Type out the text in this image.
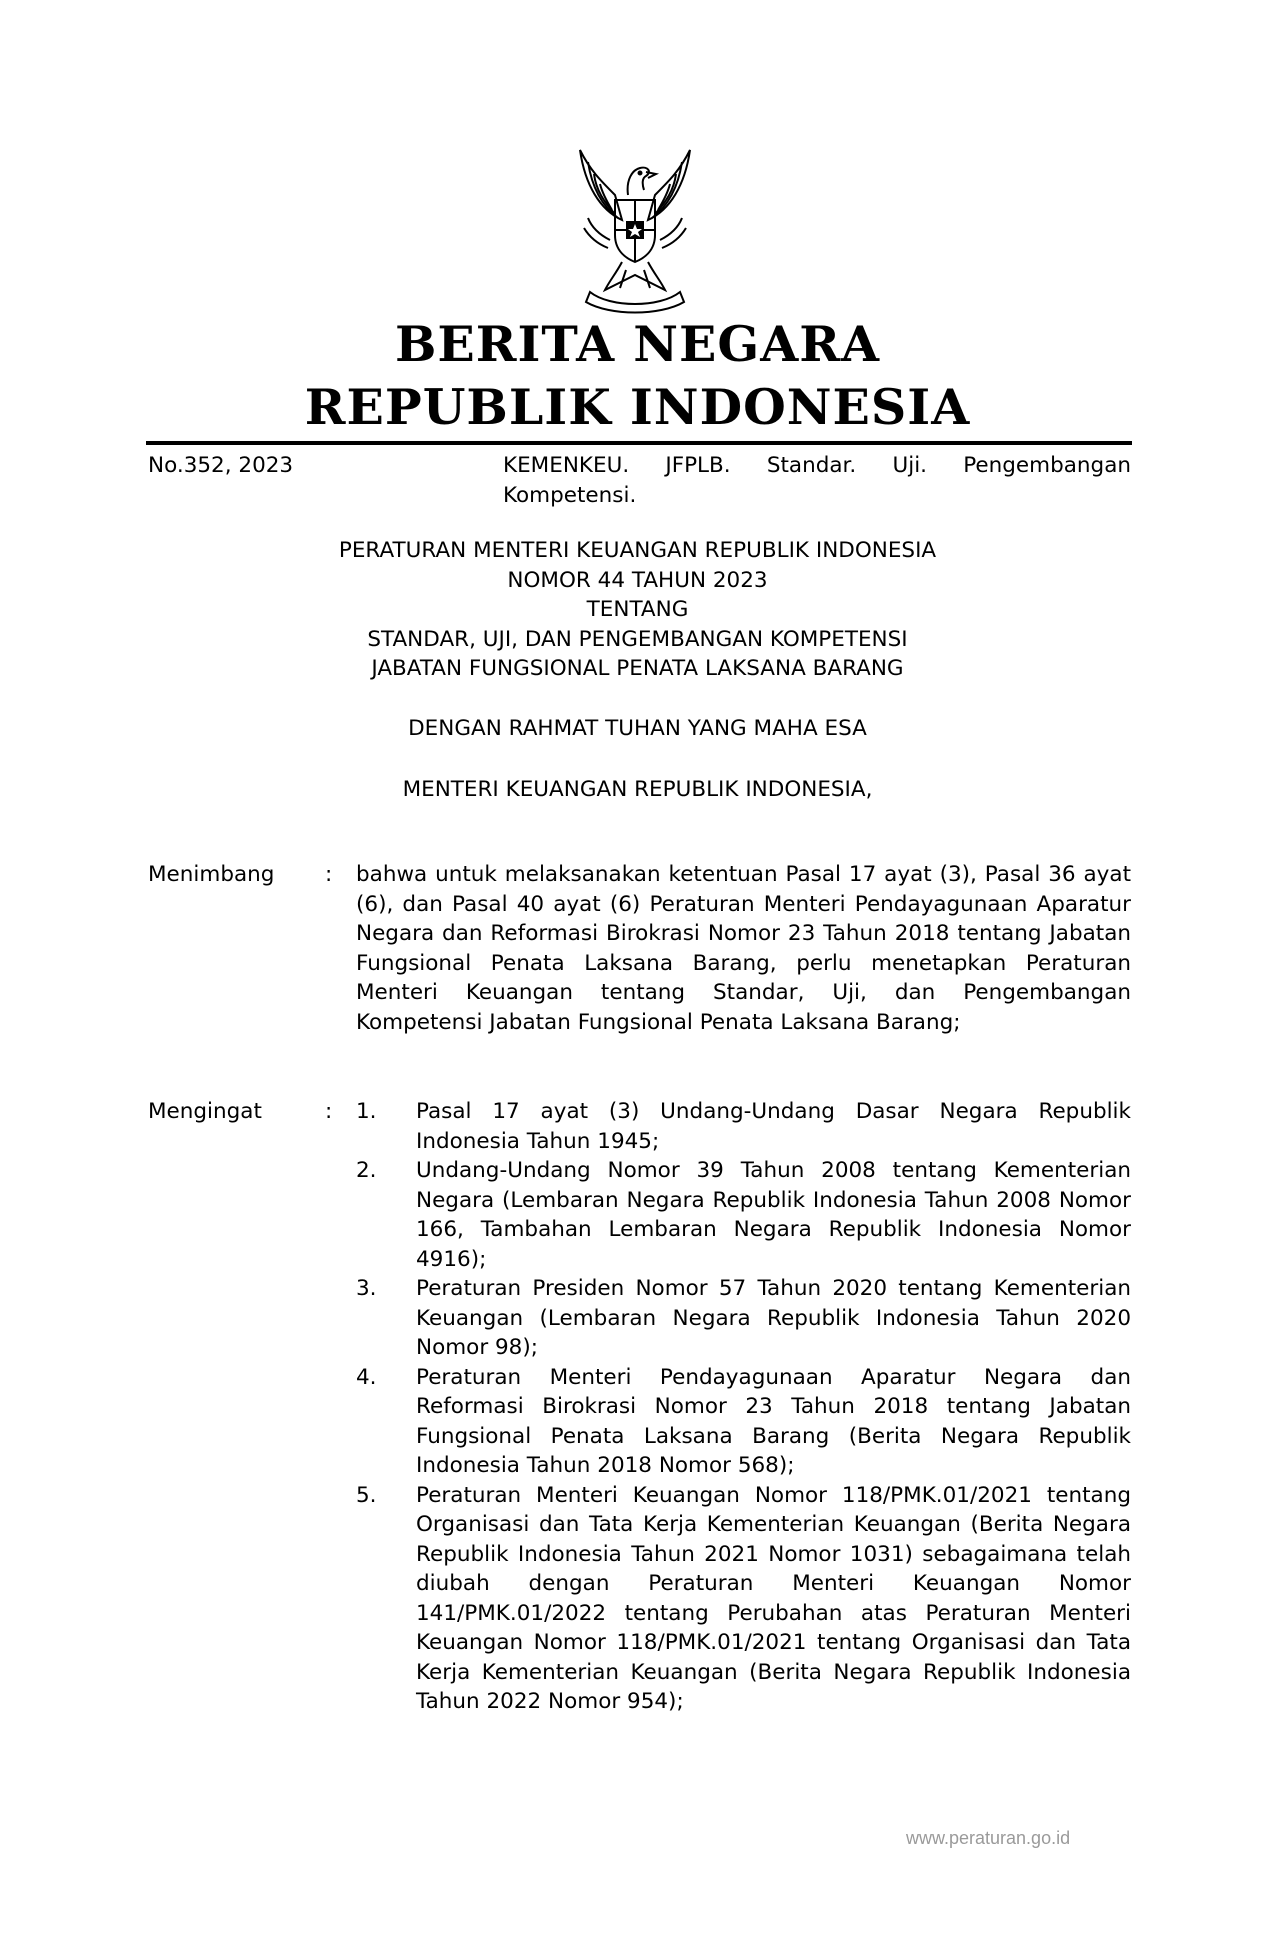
BERITA NEGARA
REPUBLIK INDONESIA
No.352, 2023	KEMENKEU. JFPLB. Standar. Uji. Pengembangan Kompetensi.
PERATURAN MENTERI KEUANGAN REPUBLIK INDONESIA
NOMOR 44 TAHUN 2023
TENTANG
STANDAR, UJI, DAN PENGEMBANGAN KOMPETENSI
JABATAN FUNGSIONAL PENATA LAKSANA BARANG
DENGAN RAHMAT TUHAN YANG MAHA ESA
MENTERI KEUANGAN REPUBLIK INDONESIA,
Menimbang : bahwa untuk melaksanakan ketentuan Pasal 17 ayat (3), Pasal 36 ayat (6), dan Pasal 40 ayat (6) Peraturan Menteri Pendayagunaan Aparatur Negara dan Reformasi Birokrasi Nomor 23 Tahun 2018 tentang Jabatan Fungsional Penata Laksana Barang, perlu menetapkan Peraturan Menteri Keuangan tentang Standar, Uji, dan Pengembangan Kompetensi Jabatan Fungsional Penata Laksana Barang;
Mengingat	:	1.	Pasal 17 ayat (3) Undang-Undang Dasar Negara Republik Indonesia Tahun 1945;
2.	Undang-Undang Nomor 39 Tahun 2008 tentang Kementerian Negara (Lembaran Negara Republik Indonesia Tahun 2008 Nomor 166, Tambahan Lembaran Negara Republik Indonesia Nomor 4916);
3.	Peraturan Presiden Nomor 57 Tahun 2020 tentang Kementerian Keuangan (Lembaran Negara Republik Indonesia Tahun 2020 Nomor 98);
4.	Peraturan Menteri Pendayagunaan Aparatur Negara dan Reformasi Birokrasi Nomor 23 Tahun 2018 tentang Jabatan Fungsional Penata Laksana Barang (Berita Negara Republik Indonesia Tahun 2018 Nomor 568);
5.	Peraturan Menteri Keuangan Nomor 118/PMK.01/2021 tentang Organisasi dan Tata Kerja Kementerian Keuangan (Berita Negara Republik Indonesia Tahun 2021 Nomor 1031) sebagaimana telah diubah dengan Peraturan Menteri Keuangan Nomor 141/PMK.01/2022 tentang Perubahan atas Peraturan Menteri Keuangan Nomor 118/PMK.01/2021 tentang Organisasi dan Tata Kerja Kementerian Keuangan (Berita Negara Republik Indonesia Tahun 2022 Nomor 954);
www.peraturan.go.id
